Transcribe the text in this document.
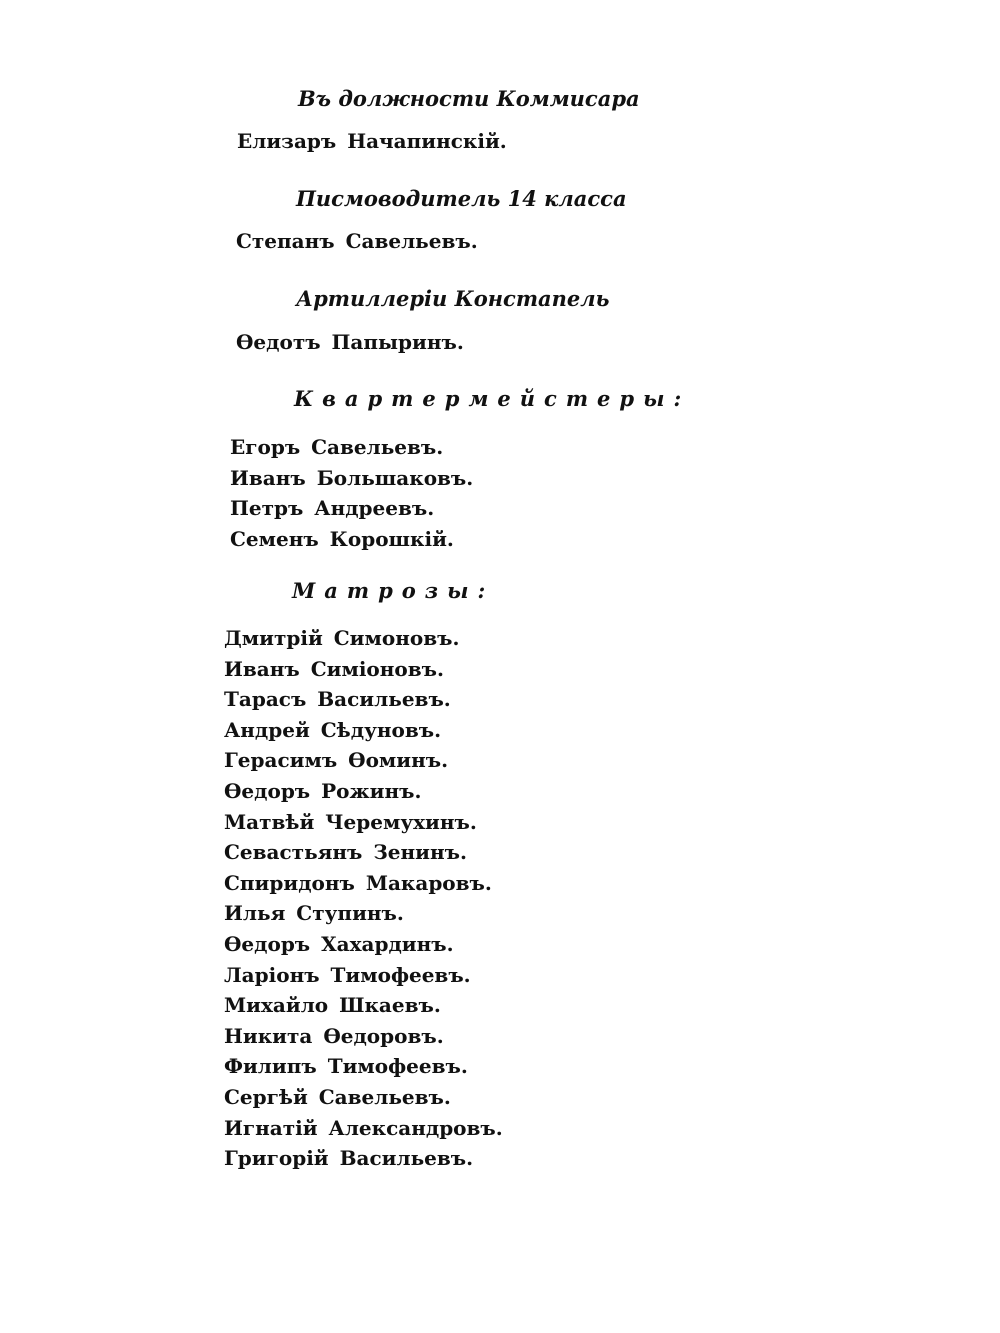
Въ должности Коммисара
Елизаръ Начапинскій.
Писмоводитель 14 класса
Степанъ Савельевъ.
Артиллеріи Констапель
Өедотъ Папыринъ.
Квартермейстеры:
Егоръ Савельевъ.
Иванъ Большаковъ.
Петръ Андреевъ.
Семенъ Корошкій.
Матрозы:
Дмитрій Симоновъ.
Иванъ Симіоновъ.
Тарасъ Васильевъ.
Андрей Сѣдуновъ.
Герасимъ Өоминъ.
Өедоръ Рожинъ.
Матвѣй Черемухинъ.
Севастьянъ Зенинъ.
Спиридонъ Макаровъ.
Илья Ступинъ.
Өедоръ Хахардинъ.
Ларіонъ Тимофеевъ.
Михайло Шкаевъ.
Никита Өедоровъ.
Филипъ Тимофеевъ.
Сергѣй Савельевъ.
Игнатій Александровъ.
Григорій Васильевъ.
